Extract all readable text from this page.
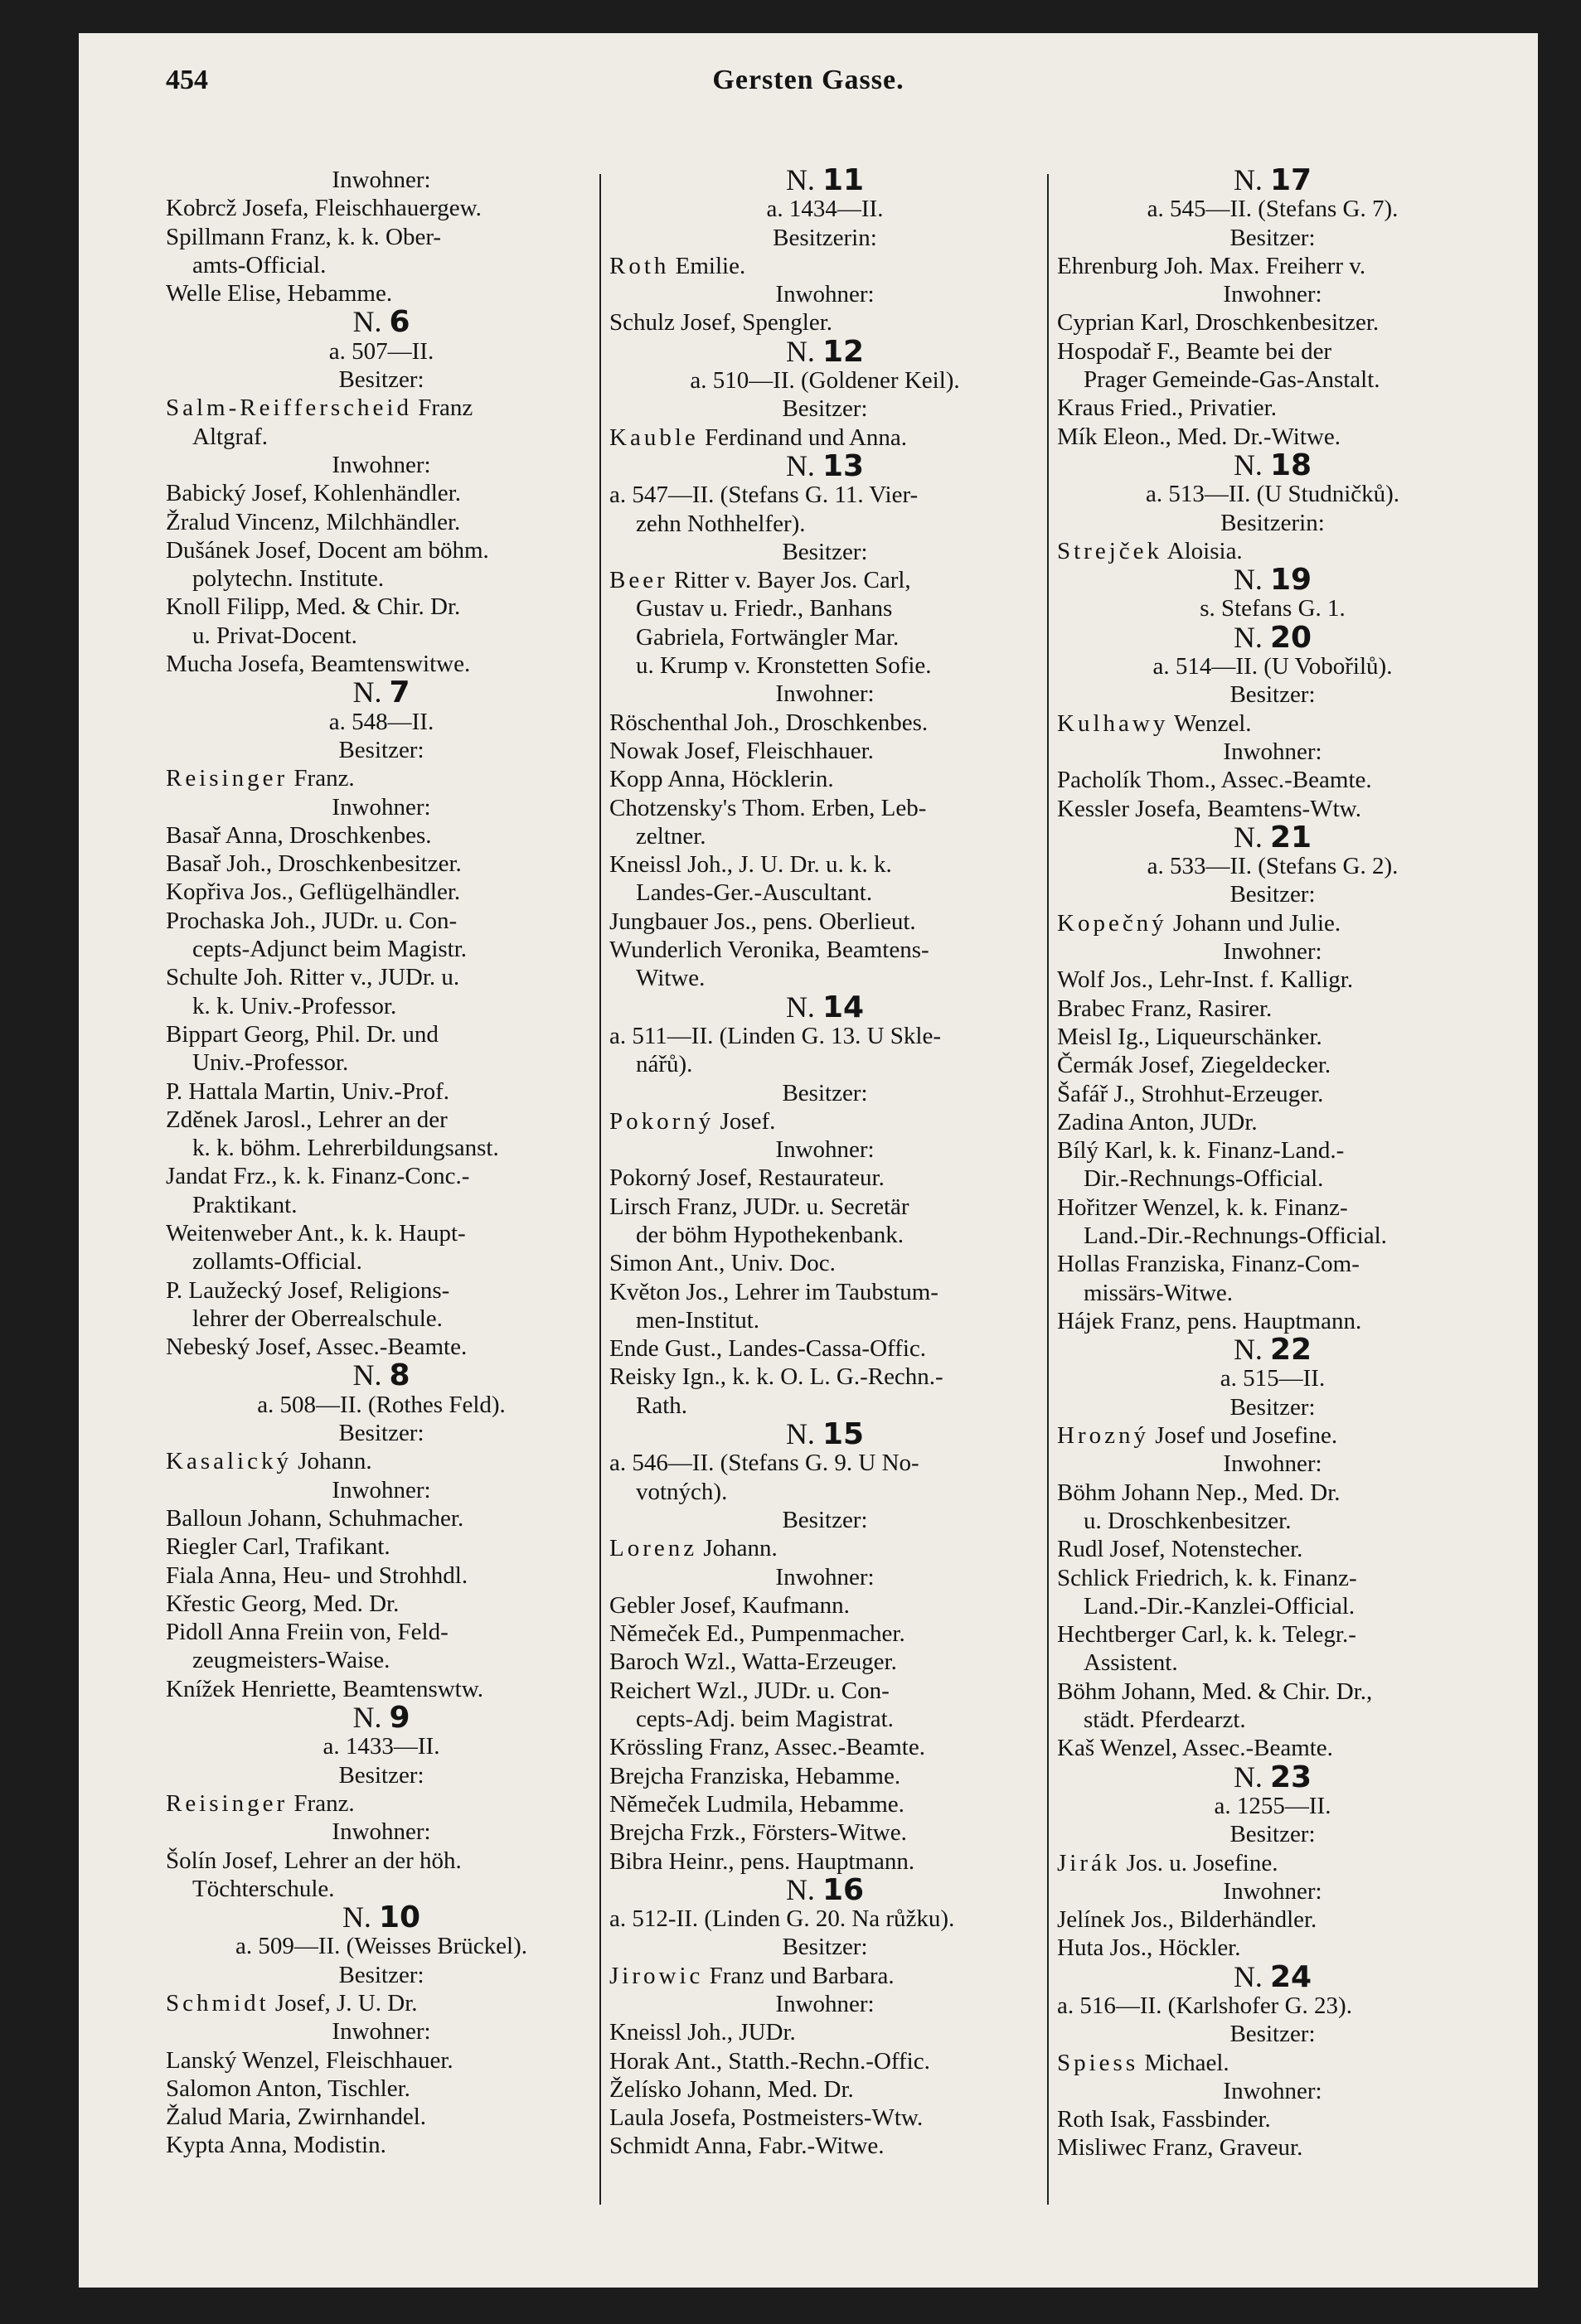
454	Gersten Gasse.
Inwohner:
Kobrcž Josefa, Fleischhauergew.
Spillmann Franz, k. k. Ober-
amts-Official.
Welle Elise, Hebamme.
N. 6
a. 507—II.
Besitzer:
Salm-Reifferscheid Franz
Altgraf.
Inwohner:
Babický Josef, Kohlenhändler.
Žralud Vincenz, Milchhändler.
Dušánek Josef, Docent am böhm.
polytechn. Institute.
Knoll Filipp, Med. & Chir. Dr.
u. Privat-Docent.
Mucha Josefa, Beamtenswitwe.
N. 7
a. 548—II.
Besitzer:
Reisinger Franz.
Inwohner:
Basař Anna, Droschkenbes.
Basař Joh., Droschkenbesitzer.
Kopřiva Jos., Geflügelhändler.
Prochaska Joh., JUDr. u. Con-
cepts-Adjunct beim Magistr.
Schulte Joh. Ritter v., JUDr. u.
k. k. Univ.-Professor.
Bippart Georg, Phil. Dr. und
Univ.-Professor.
P. Hattala Martin, Univ.-Prof.
Zděnek Jarosl., Lehrer an der
k. k. böhm. Lehrerbildungsanst.
Jandat Frz., k. k. Finanz-Conc.-
Praktikant.
Weitenweber Ant., k. k. Haupt-
zollamts-Official.
P. Laužecký Josef, Religions-
lehrer der Oberrealschule.
Nebeský Josef, Assec.-Beamte.
N. 8
a. 508—II. (Rothes Feld).
Besitzer:
Kasalický Johann.
Inwohner:
Balloun Johann, Schuhmacher.
Riegler Carl, Trafikant.
Fiala Anna, Heu- und Strohhdl.
Křestic Georg, Med. Dr.
Pidoll Anna Freiin von, Feld-
zeugmeisters-Waise.
Knížek Henriette, Beamtenswtw.
N. 9
a. 1433—II.
Besitzer:
Reisinger Franz.
Inwohner:
Šolín Josef, Lehrer an der höh.
Töchterschule.
N. 10
a. 509—II. (Weisses Brückel).
Besitzer:
Schmidt Josef, J. U. Dr.
Inwohner:
Lanský Wenzel, Fleischhauer.
Salomon Anton, Tischler.
Žalud Maria, Zwirnhandel.
Kypta Anna, Modistin.
N. 11
a. 1434—II.
Besitzerin:
Roth Emilie.
Inwohner:
Schulz Josef, Spengler.
N. 12
a. 510—II. (Goldener Keil).
Besitzer:
Kauble Ferdinand und Anna.
N. 13
a. 547—II. (Stefans G. 11. Vier-
zehn Nothhelfer).
Besitzer:
Beer Ritter v. Bayer Jos. Carl,
Gustav u. Friedr., Banhans
Gabriela, Fortwängler Mar.
u. Krump v. Kronstetten Sofie.
Inwohner:
Röschenthal Joh., Droschkenbes.
Nowak Josef, Fleischhauer.
Kopp Anna, Höcklerin.
Chotzensky's Thom. Erben, Leb-
zeltner.
Kneissl Joh., J. U. Dr. u. k. k.
Landes-Ger.-Auscultant.
Jungbauer Jos., pens. Oberlieut.
Wunderlich Veronika, Beamtens-
Witwe.
N. 14
a. 511—II. (Linden G. 13. U Skle-
nářů).
Besitzer:
Pokorný Josef.
Inwohner:
Pokorný Josef, Restaurateur.
Lirsch Franz, JUDr. u. Secretär
der böhm Hypothekenbank.
Simon Ant., Univ. Doc.
Květon Jos., Lehrer im Taubstum-
men-Institut.
Ende Gust., Landes-Cassa-Offic.
Reisky Ign., k. k. O. L. G.-Rechn.-
Rath.
N. 15
a. 546—II. (Stefans G. 9. U No-
votných).
Besitzer:
Lorenz Johann.
Inwohner:
Gebler Josef, Kaufmann.
Němeček Ed., Pumpenmacher.
Baroch Wzl., Watta-Erzeuger.
Reichert Wzl., JUDr. u. Con-
cepts-Adj. beim Magistrat.
Krössling Franz, Assec.-Beamte.
Brejcha Franziska, Hebamme.
Němeček Ludmila, Hebamme.
Brejcha Frzk., Försters-Witwe.
Bibra Heinr., pens. Hauptmann.
N. 16
a. 512-II. (Linden G. 20. Na růžku).
Besitzer:
Jirowic Franz und Barbara.
Inwohner:
Kneissl Joh., JUDr.
Horak Ant., Statth.-Rechn.-Offic.
Želísko Johann, Med. Dr.
Laula Josefa, Postmeisters-Wtw.
Schmidt Anna, Fabr.-Witwe.
N. 17
a. 545—II. (Stefans G. 7).
Besitzer:
Ehrenburg Joh. Max. Freiherr v.
Inwohner:
Cyprian Karl, Droschkenbesitzer.
Hospodař F., Beamte bei der
Prager Gemeinde-Gas-Anstalt.
Kraus Fried., Privatier.
Mík Eleon., Med. Dr.-Witwe.
N. 18
a. 513—II. (U Studničků).
Besitzerin:
Strejček Aloisia.
N. 19
s. Stefans G. 1.
N. 20
a. 514—II. (U Vobořilů).
Besitzer:
Kulhawy Wenzel.
Inwohner:
Pacholík Thom., Assec.-Beamte.
Kessler Josefa, Beamtens-Wtw.
N. 21
a. 533—II. (Stefans G. 2).
Besitzer:
Kopečný Johann und Julie.
Inwohner:
Wolf Jos., Lehr-Inst. f. Kalligr.
Brabec Franz, Rasirer.
Meisl Ig., Liqueurschänker.
Čermák Josef, Ziegeldecker.
Šafář J., Strohhut-Erzeuger.
Zadina Anton, JUDr.
Bílý Karl, k. k. Finanz-Land.-
Dir.-Rechnungs-Official.
Hořitzer Wenzel, k. k. Finanz-
Land.-Dir.-Rechnungs-Official.
Hollas Franziska, Finanz-Com-
missärs-Witwe.
Hájek Franz, pens. Hauptmann.
N. 22
a. 515—II.
Besitzer:
Hrozný Josef und Josefine.
Inwohner:
Böhm Johann Nep., Med. Dr.
u. Droschkenbesitzer.
Rudl Josef, Notenstecher.
Schlick Friedrich, k. k. Finanz-
Land.-Dir.-Kanzlei-Official.
Hechtberger Carl, k. k. Telegr.-
Assistent.
Böhm Johann, Med. & Chir. Dr.,
städt. Pferdearzt.
Kaš Wenzel, Assec.-Beamte.
N. 23
a. 1255—II.
Besitzer:
Jirák Jos. u. Josefine.
Inwohner:
Jelínek Jos., Bilderhändler.
Huta Jos., Höckler.
N. 24
a. 516—II. (Karlshofer G. 23).
Besitzer:
Spiess Michael.
Inwohner:
Roth Isak, Fassbinder.
Misliwec Franz, Graveur.
